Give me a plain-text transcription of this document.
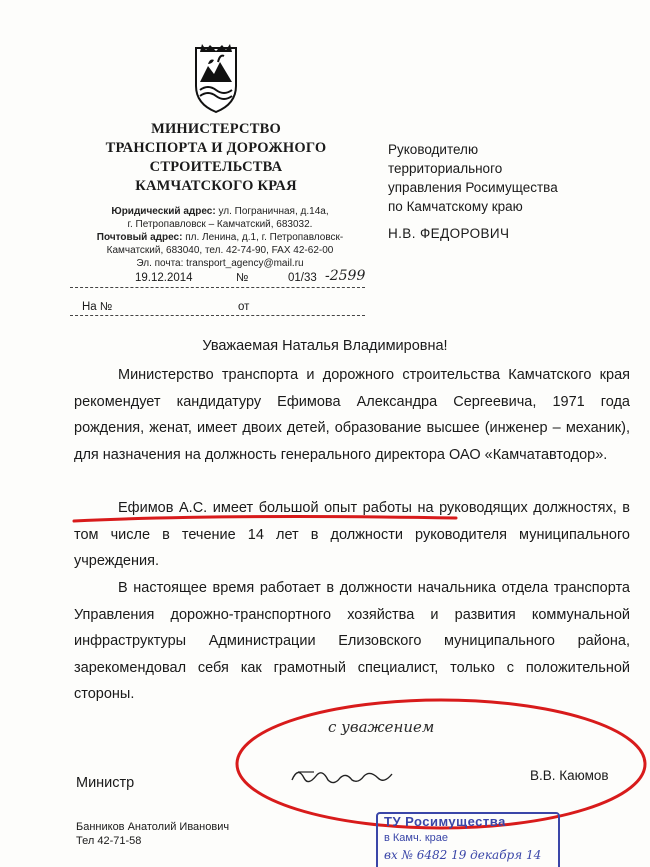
МИНИСТЕРСТВО
ТРАНСПОРТА И ДОРОЖНОГО
СТРОИТЕЛЬСТВА
КАМЧАТСКОГО КРАЯ
Юридический адрес: ул. Пограничная, д.14а,
г. Петропавловск – Камчатский, 683032.
Почтовый адрес: пл. Ленина, д.1, г. Петропавловск-
Камчатский, 683040, тел. 42-74-90, FAX 42-62-00
Эл. почта: transport_agency@mail.ru
19.12.2014	№	01/33 -2599
На №	от
Руководителю
территориального
управления Росимущества
по Камчатскому краю
Н.В. ФЕДОРОВИЧ
Уважаемая Наталья Владимировна!

Министерство транспорта и дорожного строительства Камчатского края рекомендует кандидатуру Ефимова Александра Сергеевича, 1971 года рождения, женат, имеет двоих детей, образование высшее (инженер – механик), для назначения на должность генерального директора ОАО «Камчатавтодор».

Ефимов А.С. имеет большой опыт работы на руководящих должностях, в том числе в течение 14 лет в должности руководителя муниципального учреждения.

В настоящее время работает в должности начальника отдела транспорта Управления дорожно-транспортного хозяйства и развития коммунальной инфраструктуры Администрации Елизовского муниципального района, зарекомендовал себя как грамотный специалист, только с положительной стороны.

с уважением
Министр	В.В. Каюмов
Банников Анатолий Иванович
Тел 42-71-58
ТУ Росимущества
в Камч. крае
вх № 6482 19 декабря 14
